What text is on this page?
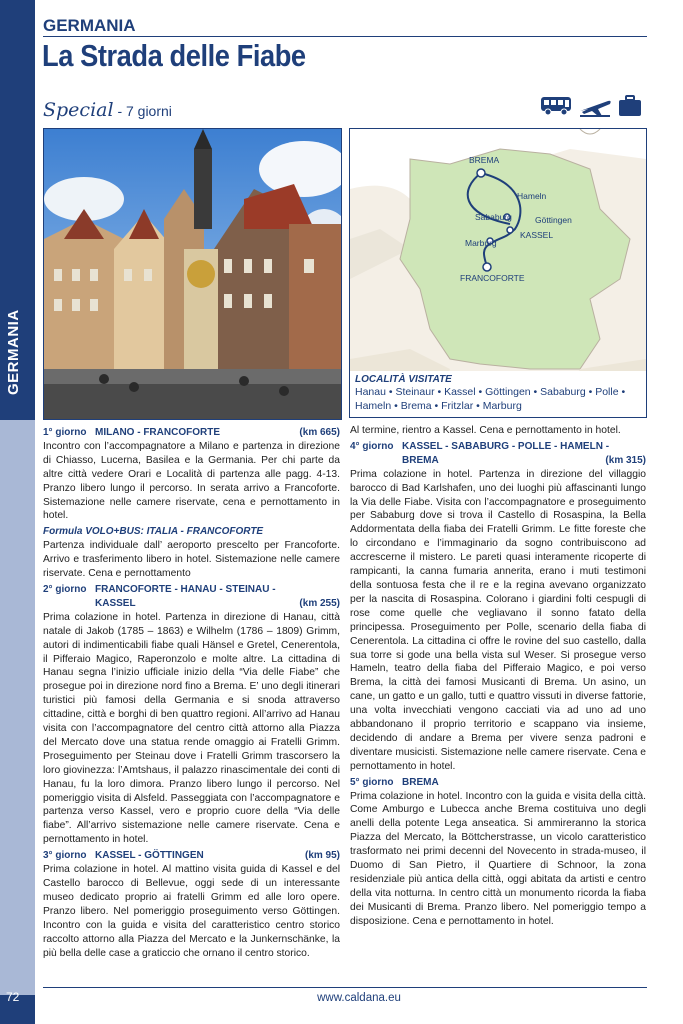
GERMANIA
72
GERMANIA
La Strada delle Fiabe
Special - 7 giorni
BREMA
Hameln
Sababurg	Göttingen
Marburg
KASSEL
FRANCOFORTE
LOCALITÀ VISITATE
Hanau • Steinaur • Kassel • Göttingen • Sababurg • Polle • Hameln • Brema • Fritzlar • Marburg
1° giorno MILANO - FRANCOFORTE	(km 665)

Incontro con l’accompagnatore a Milano e partenza in direzione di Chiasso, Lucerna, Basilea e la Germania. Per chi parte da altre città vedere Orari e Località di partenza alle pagg. 4-13. Pranzo libero lungo il percorso. In serata arrivo a Francoforte. Sistemazione nelle camere riservate, cena e pernottamento in hotel.

Formula VOLO+BUS: ITALIA - FRANCOFORTE

Partenza individuale dall’ aeroporto prescelto per Francoforte. Arrivo e trasferimento libero in hotel. Sistemazione nelle camere riservate. Cena e pernottamento

2° giorno FRANCOFORTE - HANAU - STEINAU -
KASSEL	(km 255)

Prima colazione in hotel. Partenza in direzione di Hanau, città natale di Jakob (1785 – 1863) e Wilhelm (1786 – 1809) Grimm, autori di indimenticabili fiabe quali Hänsel e Gretel, Cenerentola, il Pifferaio Magico, Raperonzolo e molte altre. La cittadina di Hanau segna l’inizio ufficiale inizio della “Via delle Fiabe” che prosegue poi in direzione nord fino a Brema. E’ uno degli itinerari turistici più famosi della Germania e si snoda attraverso cittadine, città e borghi di ben quattro regioni. All’arrivo ad Hanau visita con l’accompagnatore del centro città attorno alla Piazza del Mercato dove una statua rende omaggio ai Fratelli Grimm. Proseguimento per Steinau dove i Fratelli Grimm trascorsero la loro giovinezza: l’Amtshaus, il palazzo rinascimentale dei conti di Hanau, fu la loro dimora. Pranzo libero lungo il percorso. Nel pomeriggio visita di Alsfeld. Passeggiata con l’accompagnatore e partenza verso Kassel, vero e proprio cuore della “Via delle fiabe”. All’arrivo sistemazione nelle camere riservate. Cena e pernottamento in hotel.

3° giorno KASSEL - GÖTTINGEN	(km 95)

Prima colazione in hotel. Al mattino visita guida di Kassel e del Castello barocco di Bellevue, oggi sede di un interessante museo dedicato proprio ai fratelli Grimm ed alle loro opere. Pranzo libero. Nel pomeriggio proseguimento verso Göttingen. Incontro con la guida e visita del caratteristico centro storico raccolto attorno alla Piazza del Mercato e la Junkernschänke, la più bella delle case a graticcio che ornano il centro storico.

Al termine, rientro a Kassel. Cena e pernottamento in hotel.

4° giorno KASSEL - SABABURG - POLLE - HAMELN -
BREMA	(km 315)

Prima colazione in hotel. Partenza in direzione del villaggio barocco di Bad Karlshafen, uno dei luoghi più affascinanti lungo la Via delle Fiabe. Visita con l’accompagnatore e proseguimento per Sababurg dove si trova il Castello di Rosaspina, la Bella Addormentata della fiaba dei Fratelli Grimm. Le fitte foreste che lo circondano e l’immaginario da sogno contribuiscono ad accrescerne il mistero. Le pareti quasi interamente ricoperte di rampicanti, la canna fumaria annerita, erano i muti testimoni della sontuosa festa che il re e la regina avevano organizzato per la nascita di Rosaspina. Colorano i giardini folti cespugli di rose come quelle che vegliavano il sonno fatato della principessa. Proseguimento per Polle, scenario della fiaba di Cenerentola. La cittadina ci offre le rovine del suo castello, dalla sua torre si gode una bella vista sul Weser. Si prosegue verso Hameln, teatro della fiaba del Pifferaio Magico, e poi verso Brema, la città dei famosi Musicanti di Brema. Un asino, un cane, un gatto e un gallo, tutti e quattro vissuti in diverse fattorie, una volta invecchiati vengono cacciati via ad uno ad uno abbandonano il proprio territorio e scappano via insieme, decidendo di andare a Brema per vivere senza padroni e diventare musicisti. Sistemazione nelle camere riservate. Cena e pernottamento in hotel.

5° giorno BREMA

Prima colazione in hotel. Incontro con la guida e visita della città. Come Amburgo e Lubecca anche Brema costituiva uno degli anelli della potente Lega anseatica. Si ammireranno la storica Piazza del Mercato, la Böttcherstrasse, un vicolo caratteristico trasformato nei primi decenni del Novecento in strada-museo, il Duomo di San Pietro, il Quartiere di Schnoor, la zona residenziale più antica della città, oggi abitata da artisti e centro della vita notturna. In centro città un monumento ricorda la fiaba dei Musicanti di Brema. Pranzo libero. Nel pomeriggio tempo a disposizione. Cena e pernottamento in hotel.

www.caldana.eu
